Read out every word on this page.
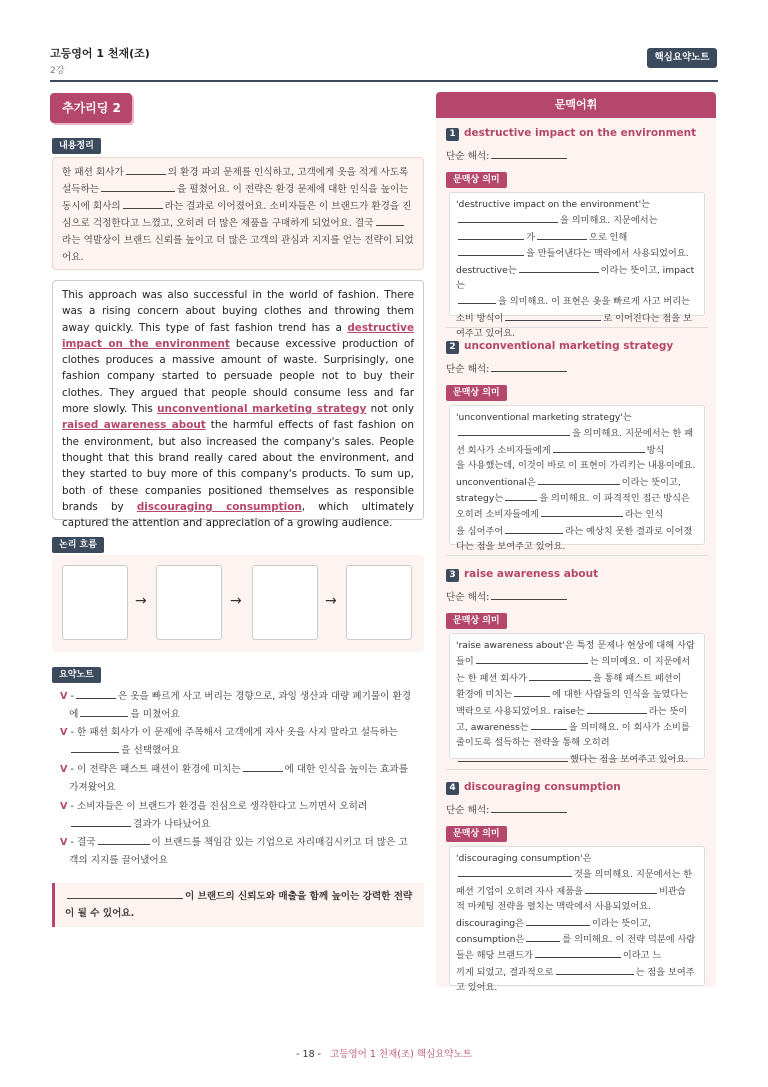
고등영어 1 천재(조)
2강
핵심요약노트
추가리딩 2
내용정리
한 패션 회사가	의 환경 파괴 문제를 인식하고, 고객에게 옷을 적게 사도록
설득하는	을 펼쳤어요. 이 전략은 환경 문제에 대한 인식을 높이는
동시에 회사의	라는 결과로 이어졌어요. 소비자들은 이 브랜드가 환경을 진
심으로 걱정한다고 느꼈고, 오히려 더 많은 제품을 구매하게 되었어요. 결국
라는 역발상이 브랜드 신뢰를 높이고 더 많은 고객의 관심과 지지를 얻는 전략이 되었
어요.
This approach was also successful in the world of fashion. There was a rising concern about buying clothes and throwing them away quickly. This type of fast fashion trend has a destructive impact on the environment because excessive production of clothes produces a massive amount of waste. Surprisingly, one fashion company started to persuade people not to buy their clothes. They argued that people should consume less and far more slowly. This unconventional marketing strategy not only raised awareness about the harmful effects of fast fashion on the environment, but also increased the company's sales. People thought that this brand really cared about the environment, and they started to buy more of this company's products. To sum up, both of these companies positioned themselves as responsible brands by discouraging consumption, which ultimately captured the attention and appreciation of a growing audience.
논리 흐름
→	→	→
요약노트
V -	은 옷을 빠르게 사고 버리는 경향으로, 과잉 생산과 대량 폐기물이 환경
에	을 미쳤어요
V - 한 패션 회사가 이 문제에 주목해서 고객에게 자사 옷을 사지 말라고 설득하는
을 선택했어요
V - 이 전략은 패스트 패션이 환경에 미치는	에 대한 인식을 높이는 효과를
가져왔어요
V - 소비자들은 이 브랜드가 환경을 진심으로 생각한다고 느끼면서 오히려
결과가 나타났어요
V - 결국	이 브랜드를 책임감 있는 기업으로 자리매김시키고 더 많은 고
객의 지지를 끌어냈어요
이 브랜드의 신뢰도와 매출을 함께 높이는 강력한 전략
이 될 수 있어요.
문맥어휘
1 destructive impact on the environment
단순 해석:
문맥상 의미
'destructive impact on the environment'는
을 의미해요. 지문에서는
가	으로 인해
을 만들어낸다는 맥락에서 사용되었어요.
destructive는	이라는 뜻이고, impact는
을 의미해요. 이 표현은 옷을 빠르게 사고 버리는
소비 방식이	로 이어진다는 점을 보
여주고 있어요.
2 unconventional marketing strategy
단순 해석:
문맥상 의미
'unconventional marketing strategy'는
을 의미해요. 지문에서는 한 패
션 회사가 소비자들에게	방식
을 사용했는데, 이것이 바로 이 표현이 가리키는 내용이에요.
unconventional은	이라는 뜻이고,
strategy는	을 의미해요. 이 파격적인 접근 방식은
오히려 소비자들에게	라는 인식
을 심어주어	라는 예상치 못한 결과로 이어졌
다는 점을 보여주고 있어요.
3 raise awareness about
단순 해석:
문맥상 의미
'raise awareness about'은 특정 문제나 현상에 대해 사람
들이	는 의미예요. 이 지문에서
는 한 패션 회사가	을 통해 패스트 패션이
환경에 미치는	에 대한 사람들의 인식을 높였다는
맥락으로 사용되었어요. raise는	라는 뜻이
고, awareness는	을 의미해요. 이 회사가 소비를
줄이도록 설득하는 전략을 통해 오히려
했다는 점을 보여주고 있어요.
4 discouraging consumption
단순 해석:
문맥상 의미
'discouraging consumption'은
것을 의미해요. 지문에서는 한
패션 기업이 오히려 자사 제품을	비관습
적 마케팅 전략을 펼치는 맥락에서 사용되었어요.
discouraging은	이라는 뜻이고,
consumption은	를 의미해요. 이 전략 덕분에 사람
들은 해당 브랜드가	이라고 느
끼게 되었고, 결과적으로	는 점을 보여주
고 있어요.
- 18 - 고등영어 1 천재(조) 핵심요약노트
